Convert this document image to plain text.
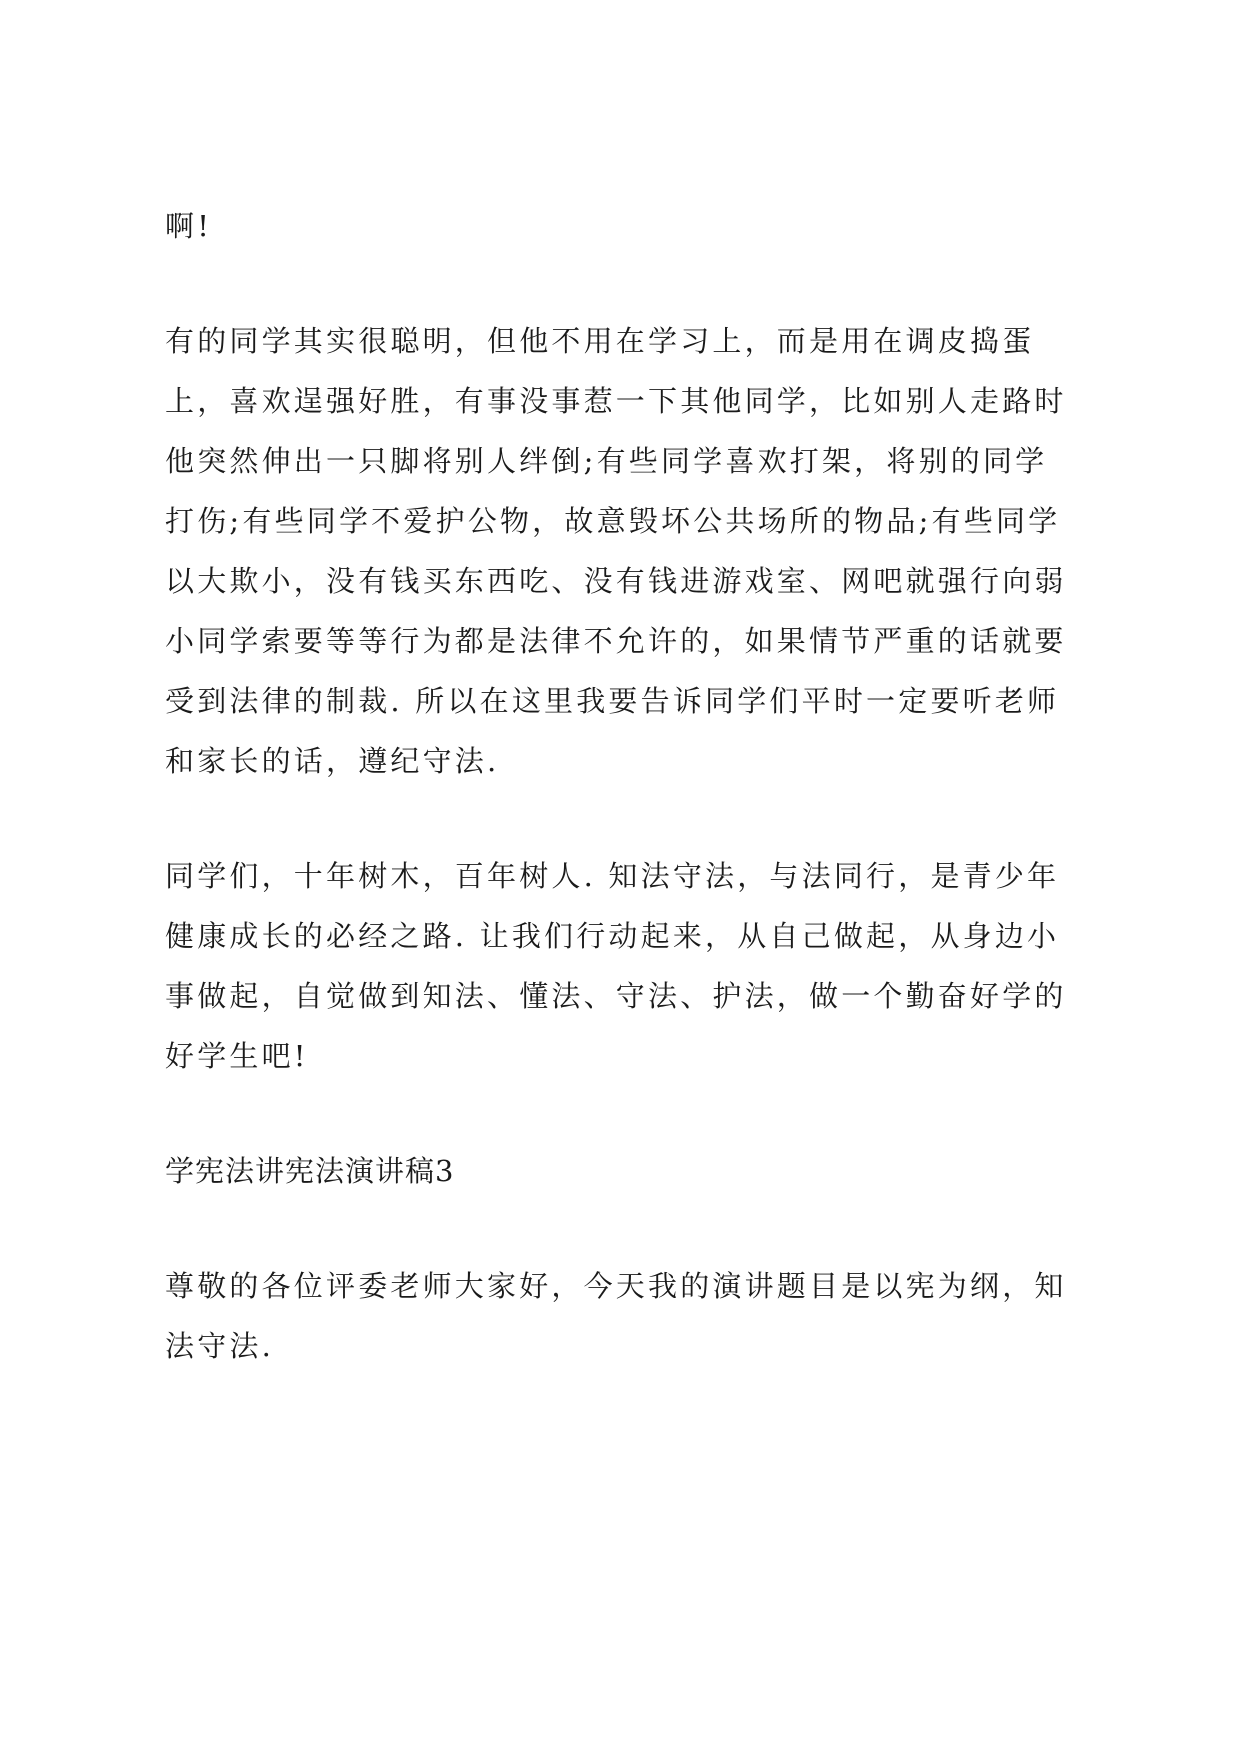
啊!

有的同学其实很聪明，但他不用在学习上，而是用在调皮捣蛋

上，喜欢逞强好胜，有事没事惹一下其他同学，比如别人走路时

他突然伸出一只脚将别人绊倒;有些同学喜欢打架，将别的同学

打伤;有些同学不爱护公物，故意毁坏公共场所的物品;有些同学

以大欺小，没有钱买东西吃、没有钱进游戏室、网吧就强行向弱

小同学索要等等行为都是法律不允许的，如果情节严重的话就要

受到法律的制裁. 所以在这里我要告诉同学们平时一定要听老师

和家长的话，遵纪守法.

同学们，十年树木，百年树人. 知法守法，与法同行，是青少年

健康成长的必经之路. 让我们行动起来，从自己做起，从身边小

事做起，自觉做到知法、懂法、守法、护法，做一个勤奋好学的

好学生吧!

学宪法讲宪法演讲稿3

尊敬的各位评委老师大家好，今天我的演讲题目是以宪为纲，知

法守法.
